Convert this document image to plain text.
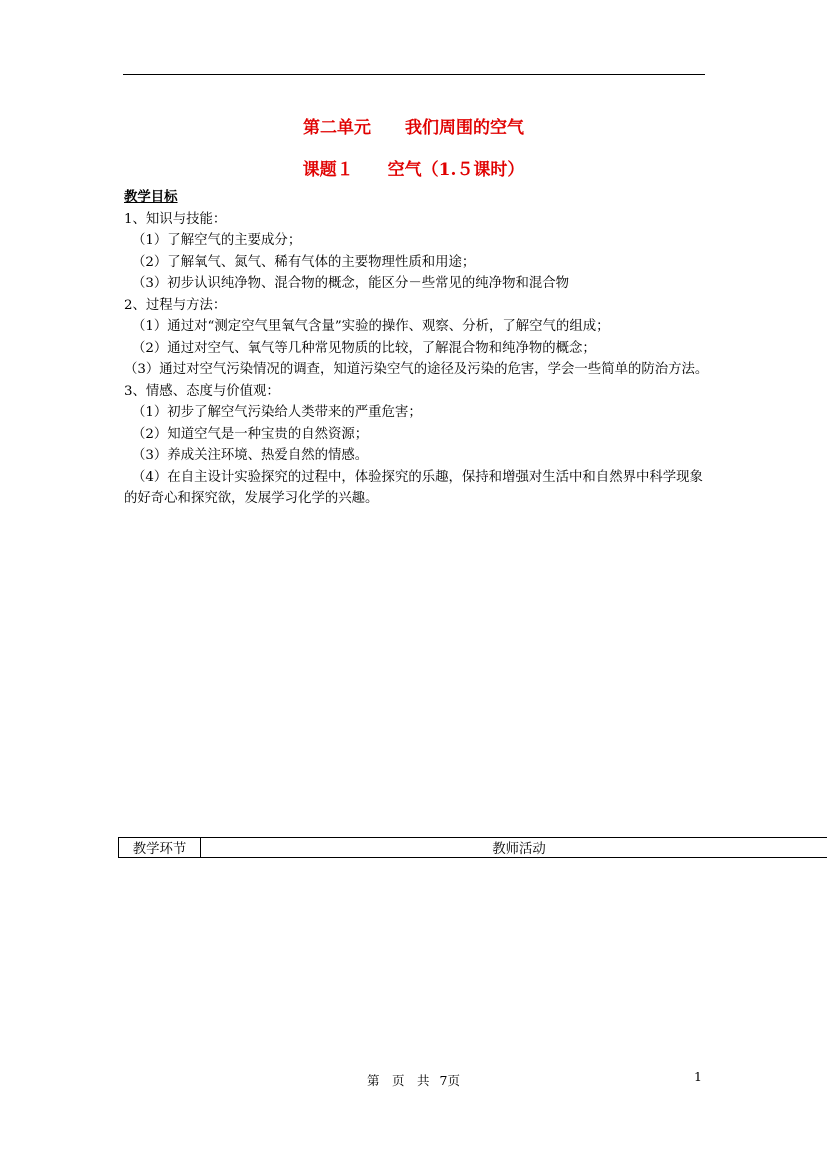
第二单元　　我们周围的空气
课题１　　空气（1.５课时）
教学目标
1、知识与技能：
（1）了解空气的主要成分；
（2）了解氧气、氮气、稀有气体的主要物理性质和用途；
（3）初步认识纯净物、混合物的概念，能区分－些常见的纯净物和混合物
2、过程与方法：
（1）通过对“测定空气里氧气含量”实验的操作、观察、分析，了解空气的组成；
（2）通过对空气、氧气等几种常见物质的比较，了解混合物和纯净物的概念；
（3）通过对空气污染情况的调查，知道污染空气的途径及污染的危害，学会一些简单的防治方法。
3、情感、态度与价值观：
（1）初步了解空气污染给人类带来的严重危害；
（2）知道空气是一种宝贵的自然资源；
（3）养成关注环境、热爱自然的情感。
（4）在自主设计实验探究的过程中，体验探究的乐趣，保持和增强对生活中和自然界中科学现象的好奇心和探究欲，发展学习化学的兴趣。
教学环节	教师活动
第　页　共 7页	1
